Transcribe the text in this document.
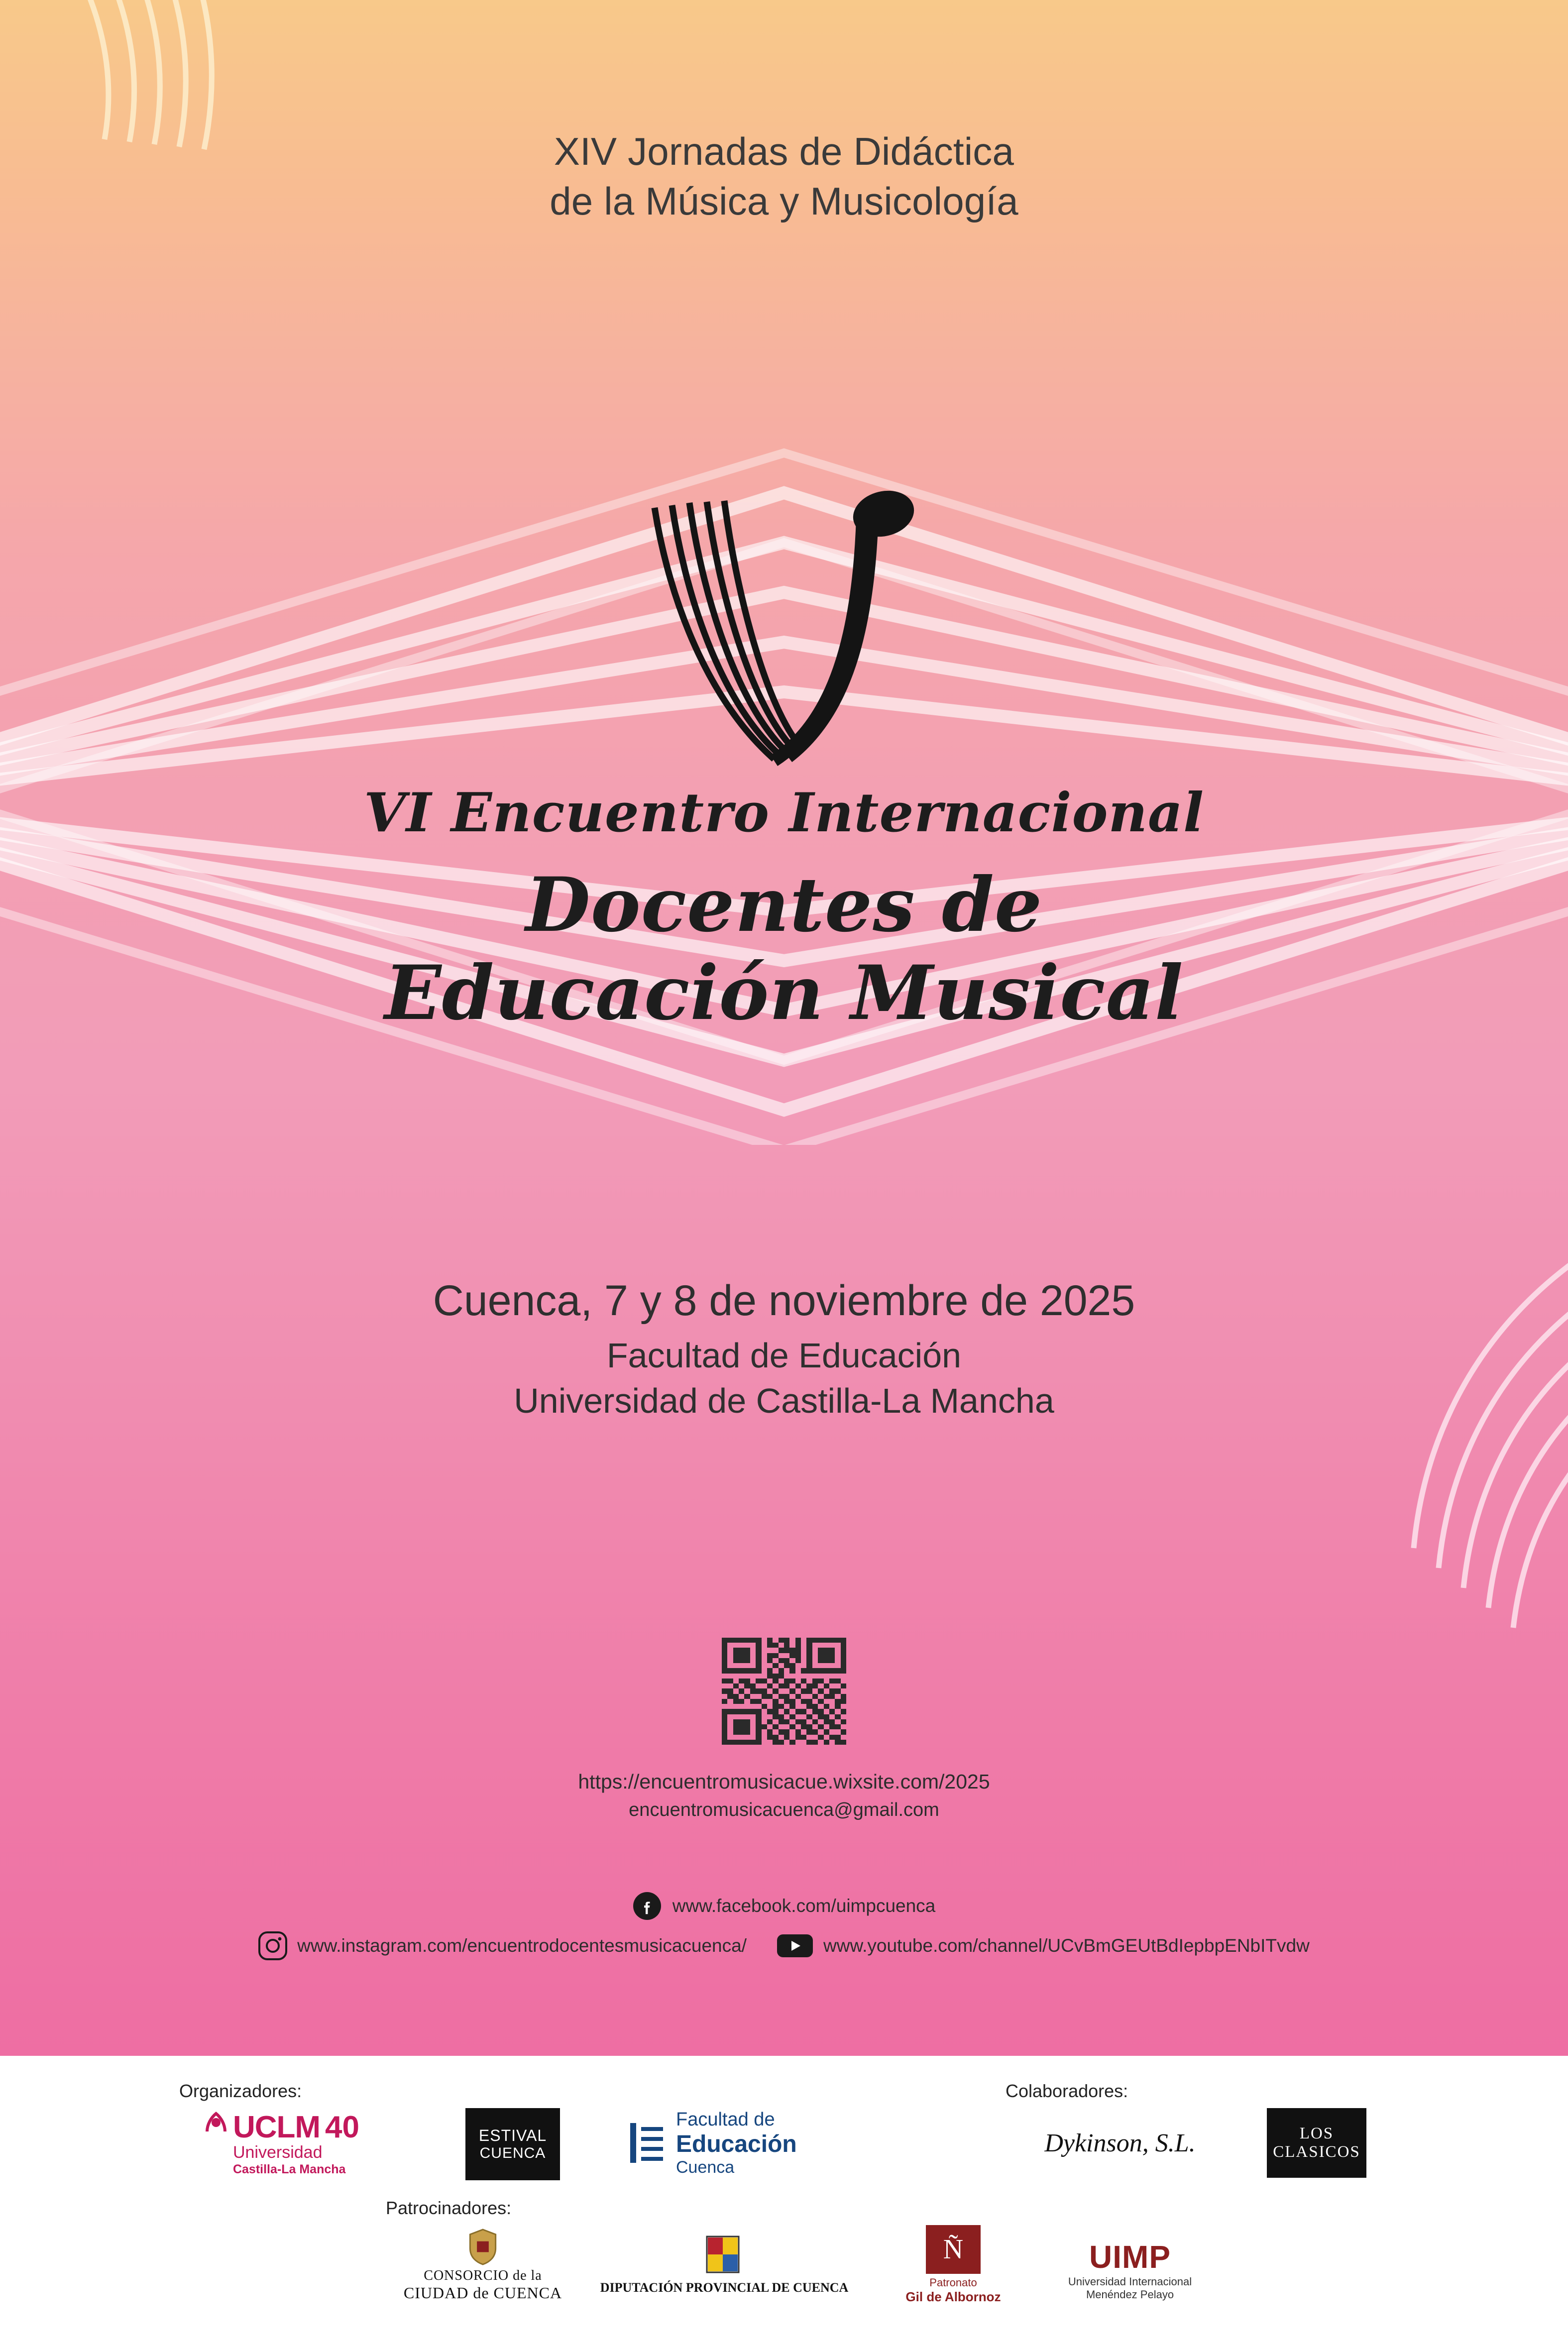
XIV Jornadas de Didáctica
de la Música y Musicología
VI Encuentro Internacional
Docentes de
Educación Musical
Cuenca, 7 y 8 de noviembre de 2025
Facultad de Educación
Universidad de Castilla-La Mancha
https://encuentromusicacue.wixsite.com/2025
encuentromusicacuenca@gmail.com
www.facebook.com/uimpcuenca
www.instagram.com/encuentrodocentesmusicacuenca/	www.youtube.com/channel/UCvBmGEUtBdIepbpENbITvdw
Organizadores:	Colaboradores:
Patrocinadores:
UCLM 40
Universidad
Castilla-La Mancha
ESTIVAL
CUENCA
Facultad de
Educación
Cuenca
Dykinson, S.L.	LOS
CLASICOS
CONSORCIO de la
CIUDAD de CUENCA	DIPUTACIÓN PROVINCIAL DE CUENCA
Ñ
Patronato
Gil de Albornoz
UIMP
Universidad Internacional
Menéndez Pelayo
